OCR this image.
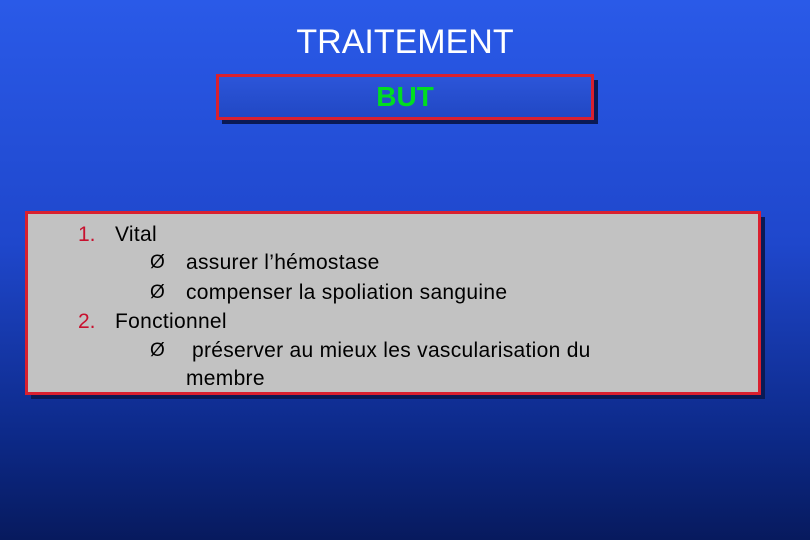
TRAITEMENT
BUT
1. Vital
Ø assurer l’hémostase
Ø compenser la spoliation sanguine
2. Fonctionnel
Ø préserver au mieux les vascularisation du
membre
